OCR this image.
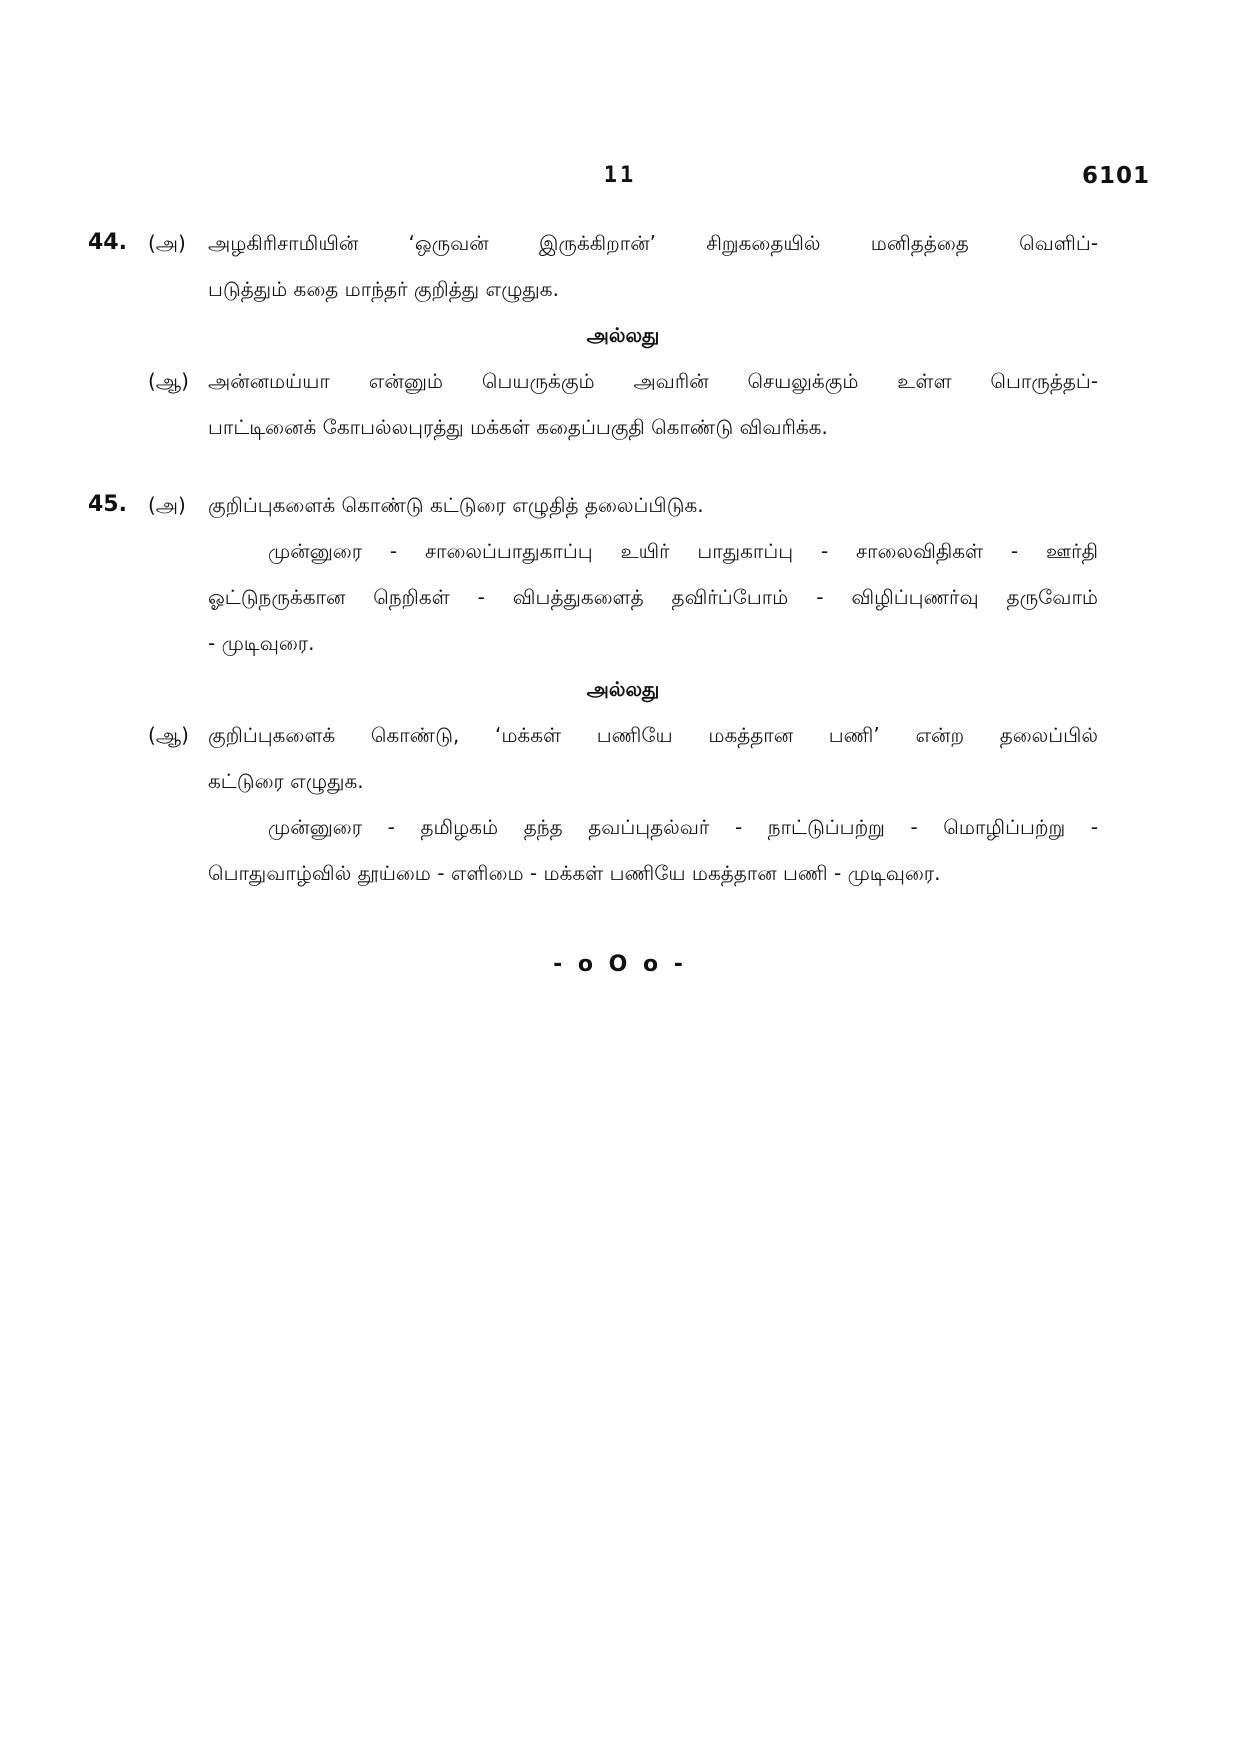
11	6101
44. (அ) அழகிரிசாமியின் ‘ஒருவன் இருக்கிறான்’ சிறுகதையில் மனிதத்தை வெளிப்-
படுத்தும் கதை மாந்தர் குறித்து எழுதுக.
அல்லது
(ஆ) அன்னமய்யா என்னும் பெயருக்கும் அவரின் செயலுக்கும் உள்ள பொருத்தப்-
பாட்டினைக் கோபல்லபுரத்து மக்கள் கதைப்பகுதி கொண்டு விவரிக்க.
45. (அ) குறிப்புகளைக் கொண்டு கட்டுரை எழுதித் தலைப்பிடுக.
முன்னுரை - சாலைப்பாதுகாப்பு உயிர் பாதுகாப்பு - சாலைவிதிகள் - ஊர்தி
ஓட்டுநருக்கான நெறிகள் - விபத்துகளைத் தவிர்ப்போம் - விழிப்புணர்வு தருவோம்
- முடிவுரை.
அல்லது
(ஆ) குறிப்புகளைக் கொண்டு, ‘மக்கள் பணியே மகத்தான பணி’ என்ற தலைப்பில்
கட்டுரை எழுதுக.
முன்னுரை - தமிழகம் தந்த தவப்புதல்வர் - நாட்டுப்பற்று - மொழிப்பற்று -
பொதுவாழ்வில் தூய்மை - எளிமை - மக்கள் பணியே மகத்தான பணி - முடிவுரை.
- o O o -
